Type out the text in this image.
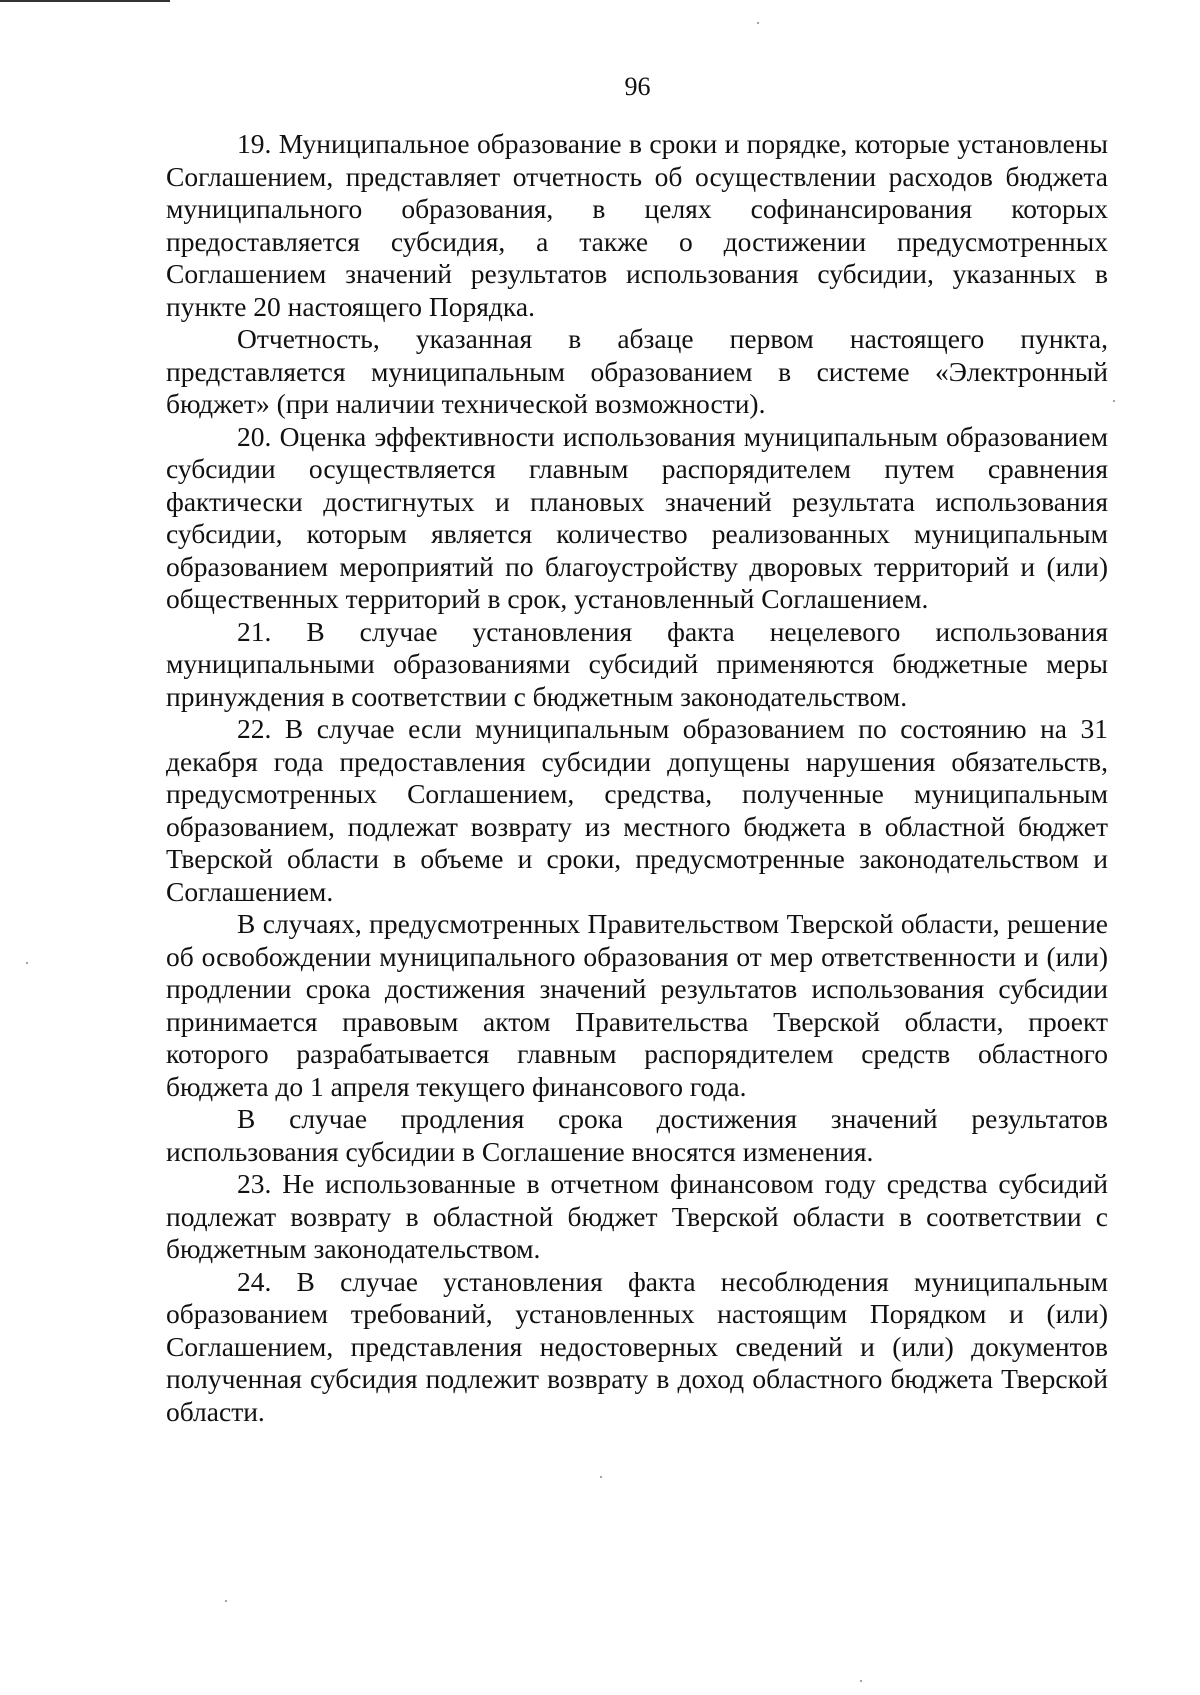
96

19. Муниципальное образование в сроки и порядке, которые установлены Соглашением, представляет отчетность об осуществлении расходов бюджета муниципального образования, в целях софинансирования которых предоставляется субсидия, а также о достижении предусмотренных Соглашением значений результатов использования субсидии, указанных в пункте 20 настоящего Порядка.

Отчетность, указанная в абзаце первом настоящего пункта, представляется муниципальным образованием в системе «Электронный бюджет» (при наличии технической возможности).

20. Оценка эффективности использования муниципальным образованием субсидии осуществляется главным распорядителем путем сравнения фактически достигнутых и плановых значений результата использования субсидии, которым является количество реализованных муниципальным образованием мероприятий по благоустройству дворовых территорий и (или) общественных территорий в срок, установленный Соглашением.

21. В случае установления факта нецелевого использования муниципальными образованиями субсидий применяются бюджетные меры принуждения в соответствии с бюджетным законодательством.

22. В случае если муниципальным образованием по состоянию на 31 декабря года предоставления субсидии допущены нарушения обязательств, предусмотренных Соглашением, средства, полученные муниципальным образованием, подлежат возврату из местного бюджета в областной бюджет Тверской области в объеме и сроки, предусмотренные законодательством и Соглашением.

В случаях, предусмотренных Правительством Тверской области, решение об освобождении муниципального образования от мер ответственности и (или) продлении срока достижения значений результатов использования субсидии принимается правовым актом Правительства Тверской области, проект которого разрабатывается главным распорядителем средств областного бюджета до 1 апреля текущего финансового года.

В случае продления срока достижения значений результатов использования субсидии в Соглашение вносятся изменения.

23. Не использованные в отчетном финансовом году средства субсидий подлежат возврату в областной бюджет Тверской области в соответствии с бюджетным законодательством.

24. В случае установления факта несоблюдения муниципальным образованием требований, установленных настоящим Порядком и (или) Соглашением, представления недостоверных сведений и (или) документов полученная субсидия подлежит возврату в доход областного бюджета Тверской области.
